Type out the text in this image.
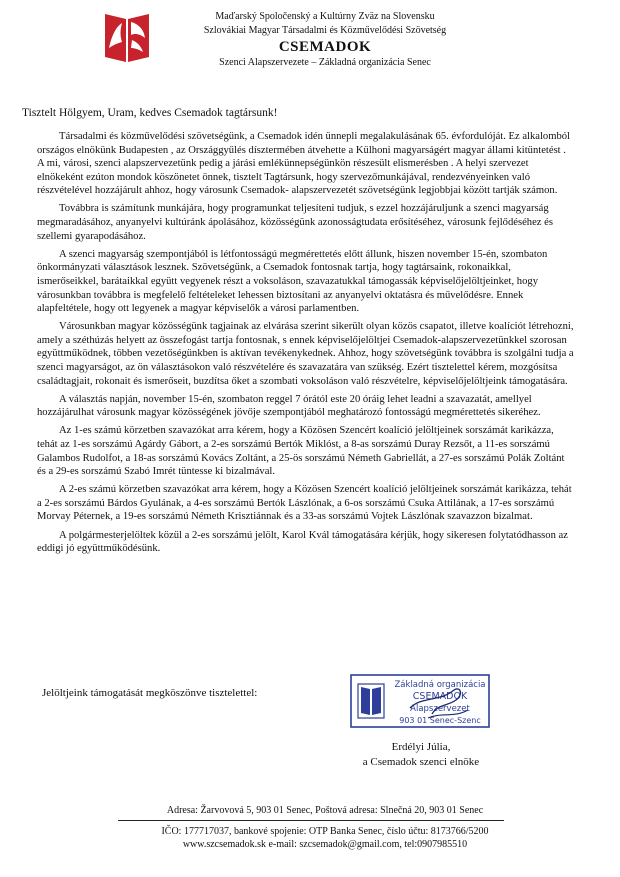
Maďarský Spoločenský a Kultúrny Zväz na Slovensku
Szlovákiai Magyar Társadalmi és Közművelődési Szövetség
CSEMADOK
Szenci Alapszervezete – Základná organizácia Senec
Tisztelt Hölgyem, Uram, kedves Csemadok tagtársunk!

Társadalmi és közművelődési szövetségünk, a Csemadok idén ünnepli megalakulásának 65. évfordulóját. Ez alkalomból országos elnökünk Budapesten , az Országgyűlés dísztermében átvehette a Külhoni magyarságért magyar állami kitüntetést . A mi, városi, szenci alapszervezetünk pedig a járási emlékünnepségünkön részesült elismerésben . A helyi szervezet elnökeként ezúton mondok köszönetet önnek, tisztelt Tagtársunk, hogy szervezőmunkájával, rendezvényeinken való részvételével hozzájárult ahhoz, hogy városunk Csemadok- alapszervezetét szövetségünk legjobbjai között tartják számon.

Továbbra is számítunk munkájára, hogy programunkat teljesíteni tudjuk, s ezzel hozzájáruljunk a szenci magyarság megmaradásához, anyanyelvi kultúránk ápolásához, közösségünk azonosságtudata erősítéséhez, városunk fejlődéséhez és szellemi gyarapodásához.

A szenci magyarság szempontjából is létfontosságú megmérettetés előtt állunk, hiszen november 15-én, szombaton önkormányzati választások lesznek. Szövetségünk, a Csemadok fontosnak tartja, hogy tagtársaink, rokonaikkal, ismerőseikkel, barátaikkal együtt vegyenek részt a voksoláson, szavazatukkal támogassák képviselőjelöltjeinket, hogy városunkban továbbra is megfelelő feltételeket lehessen biztosítani az anyanyelvi oktatásra és művelődésre. Ennek alapfeltétele, hogy ott legyenek a magyar képviselők a városi parlamentben.

Városunkban magyar közösségünk tagjainak az elvárása szerint sikerült olyan közös csapatot, illetve koalíciót létrehozni, amely a széthúzás helyett az összefogást tartja fontosnak, s ennek képviselőjelöltjei Csemadok-alapszervezetünkkel szorosan együttműködnek, többen vezetőségünkben is aktívan tevékenykednek. Ahhoz, hogy szövetségünk továbbra is szolgálni tudja a szenci magyarságot, az ön választásokon való részvételére és szavazatára van szükség. Ezért tisztelettel kérem, mozgósítsa családtagjait, rokonait és ismerőseit, buzdítsa őket a szombati voksoláson való részvételre, képviselőjelöltjeink támogatására.

A választás napján, november 15-én, szombaton reggel 7 órától este 20 óráig lehet leadni a szavazatát, amellyel hozzájárulhat városunk magyar közösségének jövője szempontjából meghatározó fontosságú megmérettetés sikeréhez.

Az 1-es számú körzetben szavazókat arra kérem, hogy a Közösen Szencért koalíció jelöltjeinek sorszámát karikázza, tehát az 1-es sorszámú Agárdy Gábort, a 2-es sorszámú Bertók Miklóst, a 8-as sorszámú Duray Rezsőt, a 11-es sorszámú Galambos Rudolfot, a 18-as sorszámú Kovács Zoltánt, a 25-ös sorszámú Németh Gabriellát, a 27-es sorszámú Polák Zoltánt és a 29-es sorszámú Szabó Imrét tüntesse ki bizalmával.

A 2-es számú körzetben szavazókat arra kérem, hogy a Közösen Szencért koalíció jelöltjeinek sorszámát karikázza, tehát a 2-es sorszámú Bárdos Gyulának, a 4-es sorszámú Bertók Lászlónak, a 6-os sorszámú Csuka Attilának, a 17-es sorszámú Morvay Péternek, a 19-es sorszámú Németh Krisztiánnak és a 33-as sorszámú Vojtek Lászlónak szavazzon bizalmat.

A polgármesterjelöltek közül a 2-es sorszámú jelölt, Karol Kvál támogatására kérjük, hogy sikeresen folytatódhasson az eddigi jó együttműködésünk.

Jelöltjeink támogatását megköszönve tisztelettel:
Základná organizácia
CSEMADOK
Alapszervezet
903 01 Senec-Szenc
Erdélyi Júlia,
a Csemadok szenci elnöke
Adresa: Žarvovová 5, 903 01 Senec, Poštová adresa: Slnečná 20, 903 01 Senec
IČO: 177717037, bankové spojenie: OTP Banka Senec, číslo účtu: 8173766/5200
www.szcsemadok.sk e-mail: szcsemadok@gmail.com, tel:0907985510
